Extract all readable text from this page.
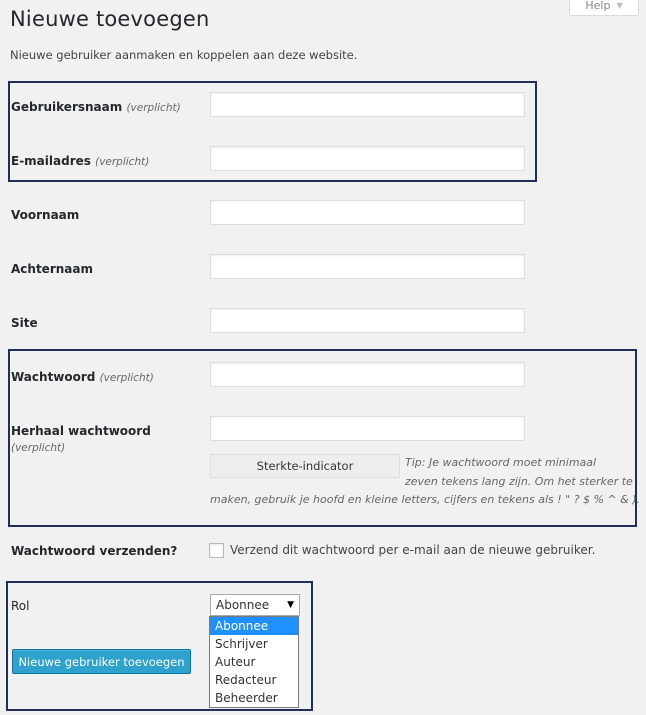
Help ▼
Nieuwe toevoegen

Nieuwe gebruiker aanmaken en koppelen aan deze website.

Gebruikersnaam (verplicht)
E-mailadres (verplicht)
Voornaam
Achternaam
Site
Wachtwoord (verplicht)
Herhaal wachtwoord
(verplicht)
Sterkte-indicator	Tip: Je wachtwoord moet minimaal
zeven tekens lang zijn. Om het sterker te
maken, gebruik je hoofd en kleine letters, cijfers en tekens als ! " ? $ % ^ & ).
Wachtwoord verzenden?	Verzend dit wachtwoord per e-mail aan de nieuwe gebruiker.
Rol	Abonnee ▼
Abonnee
Schrijver
Auteur
Redacteur
Beheerder
Nieuwe gebruiker toevoegen
